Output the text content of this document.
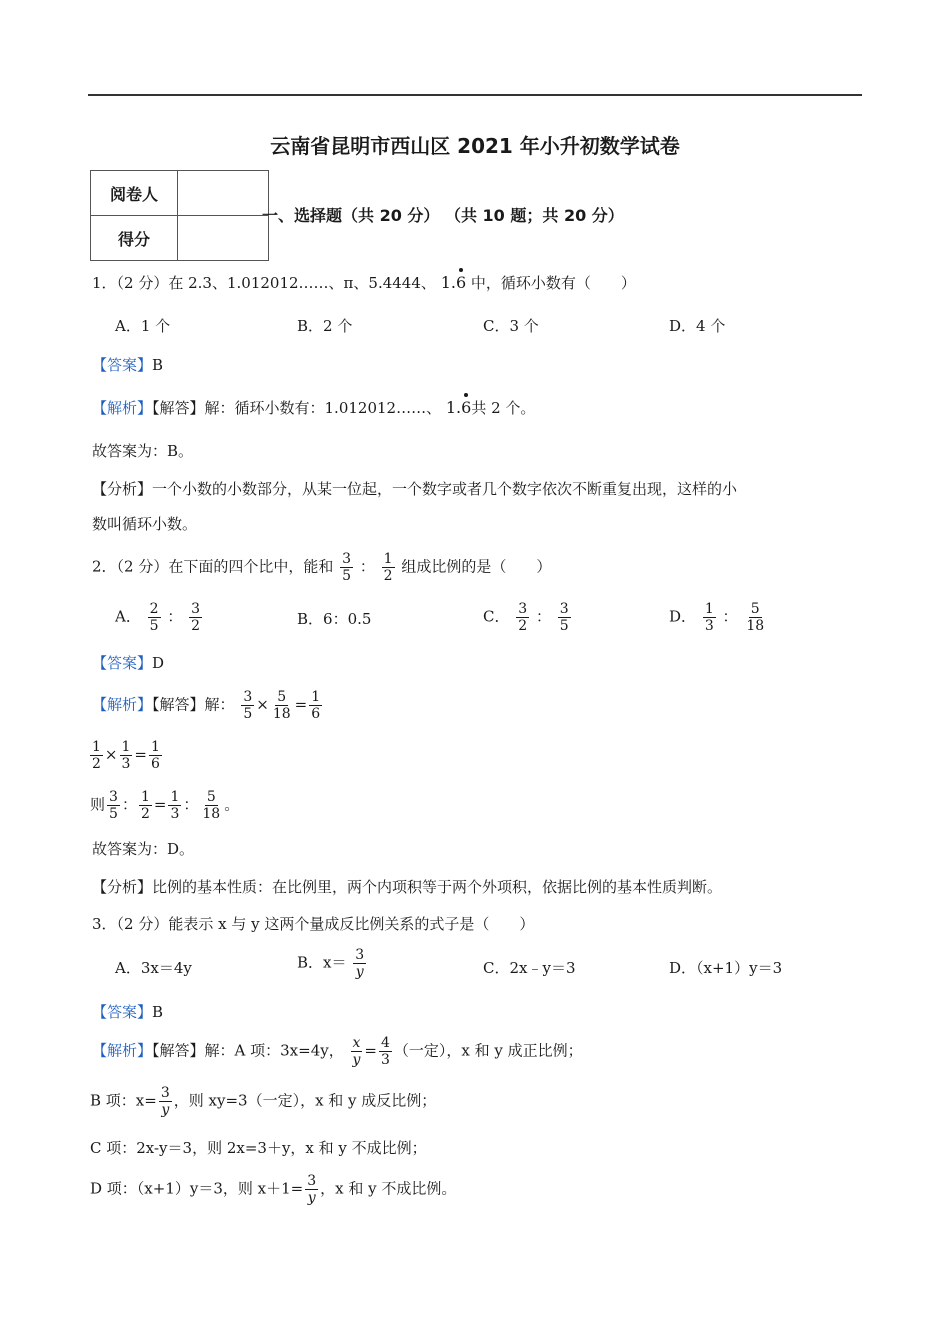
云南省昆明市西山区 2021 年小升初数学试卷
阅卷人	
得分	
一、选择题（共 20 分） （共 10 题；共 20 分）
1．（2 分）在 2.3、1.012012……、π、5.4444、 1.6 中，循环小数有（　　）
A．1 个	B．2 个	C．3 个	D．4 个
【答案】B
【解析】【解答】解：循环小数有：1.012012……、 1.6共 2 个。
故答案为：B。
【分析】一个小数的小数部分，从某一位起，一个数字或者几个数字依次不断重复出现，这样的小
数叫循环小数。
2．（2 分）在下面的四个比中，能和 $\frac{3}{5}$ ： $\frac{1}{2}$ 组成比例的是（　　）
A． $\frac{2}{5}$ ： $\frac{3}{2}$	B．6：0.5	C． $\frac{3}{2}$ ： $\frac{3}{5}$	D． $\frac{1}{3}$ ： $\frac{5}{18}$
【答案】D
【解析】【解答】解： $\frac{3}{5} \times \frac{5}{18} = \frac{1}{6}$
$\frac{1}{2} \times \frac{1}{3} = \frac{1}{6}$
则 $\frac{3}{5}$ ： $\frac{1}{2} = \frac{1}{3}$ ： $\frac{5}{18}$ 。
故答案为：D。
【分析】比例的基本性质：在比例里，两个内项积等于两个外项积，依据比例的基本性质判断。
3．（2 分）能表示 x 与 y 这两个量成反比例关系的式子是（　　）
A．3x＝4y	B．$x= \frac{3}{y}$	C．2x﹣y＝3	D．（x+1）y＝3
【答案】B
【解析】【解答】解：A 项：3x=4y， $\frac{x}{y} = \frac{4}{3}$ （一定），x 和 y 成正比例；
B 项：$x= \frac{3}{y}$ ，则 xy=3（一定），x 和 y 成反比例；
C 项：2x-y＝3，则 2x=3＋y，x 和 y 不成比例；
D 项：（x+1）y＝3，则 $x+1= \frac{3}{y}$ ，x 和 y 不成比例。
